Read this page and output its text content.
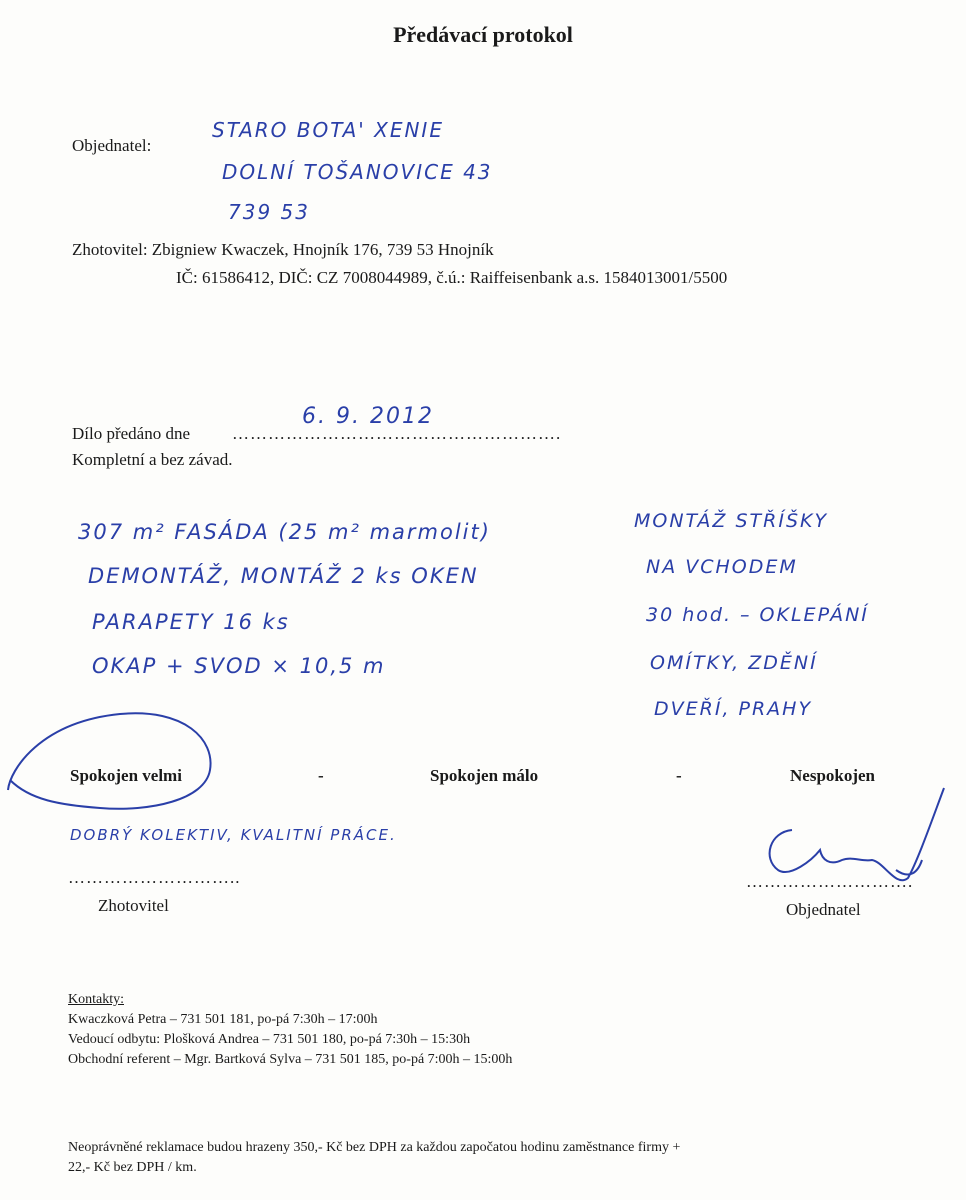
Předávací protokol
Objednatel:
STARO BOTA' XENIE
DOLNÍ TOŠANOVICE 43
739 53
Zhotovitel: Zbigniew Kwaczek, Hnojník 176, 739 53 Hnojník
IČ: 61586412, DIČ: CZ 7008044989, č.ú.: Raiffeisenbank a.s. 1584013001/5500
Dílo předáno dne ……………………………………………….
6. 9. 2012
Kompletní a bez závad.
307 m² FASÁDA (25 m² marmolit)
DEMONTÁŽ, MONTÁŽ 2 ks OKEN
PARAPETY 16 ks
OKAP + SVOD × 10,5 m
MONTÁŽ STŘÍŠKY
NA VCHODEM
30 hod. – OKLEPÁNÍ
OMÍTKY, ZDĚNÍ
DVEŘÍ, PRAHY
Spokojen velmi	-	Spokojen málo	-	Nespokojen
DOBRÝ KOLEKTIV, KVALITNÍ PRÁCE.
………………………..
Zhotovitel
……………………….
Objednatel
Kontakty:
Kwaczková Petra – 731 501 181, po-pá 7:30h – 17:00h
Vedoucí odbytu: Plošková Andrea – 731 501 180, po-pá 7:30h – 15:30h
Obchodní referent – Mgr. Bartková Sylva – 731 501 185, po-pá 7:00h – 15:00h
Neoprávněné reklamace budou hrazeny 350,- Kč bez DPH za každou započatou hodinu zaměstnance firmy +
22,- Kč bez DPH / km.
